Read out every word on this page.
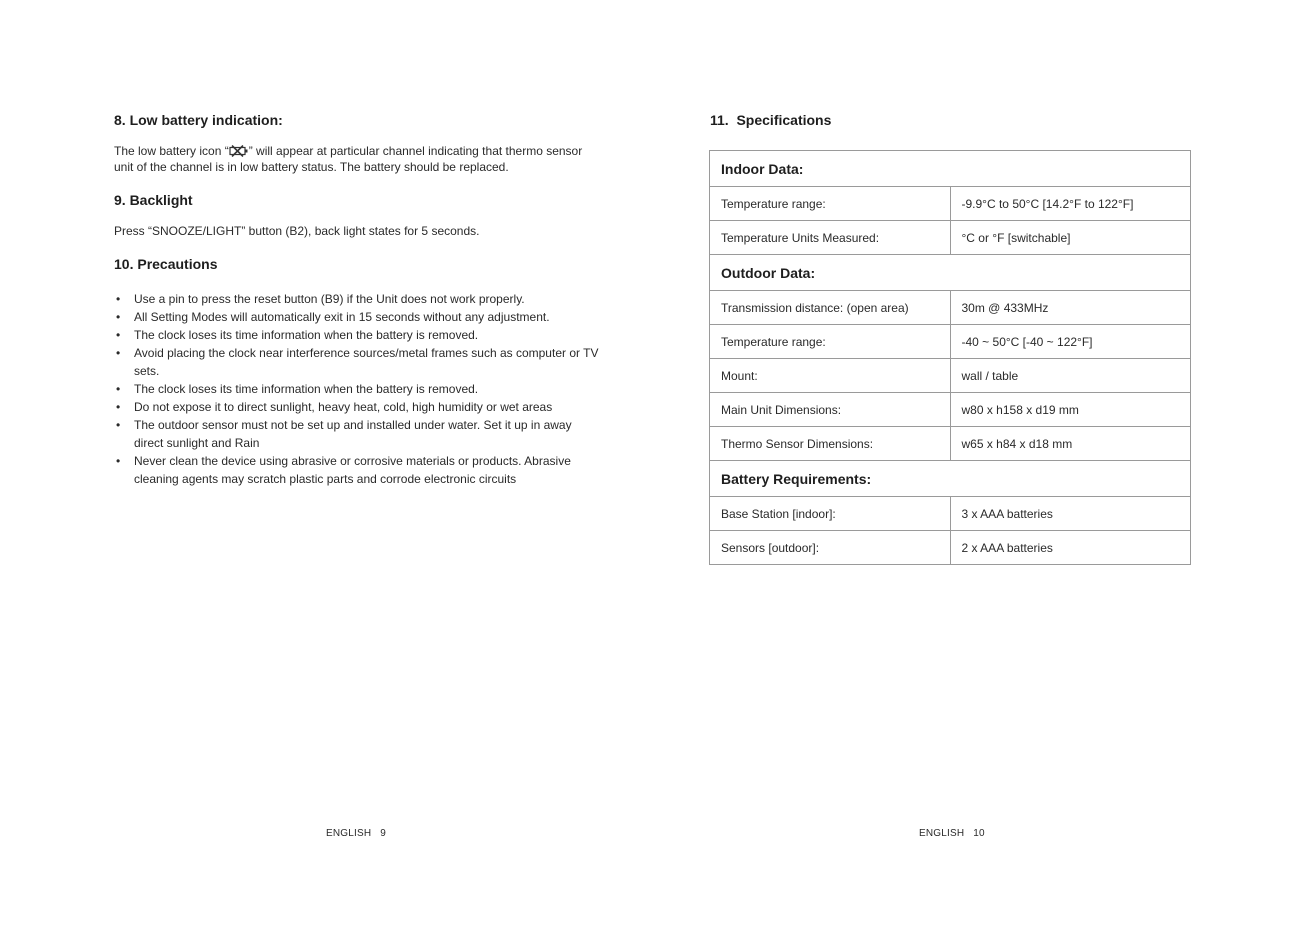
8. Low battery indication:

The low battery icon “ ” will appear at particular channel indicating that thermo sensor unit of the channel is in low battery status. The battery should be replaced.

9. Backlight

Press “SNOOZE/LIGHT” button (B2), back light states for 5 seconds.

10. Precautions
• Use a pin to press the reset button (B9) if the Unit does not work properly.
• All Setting Modes will automatically exit in 15 seconds without any adjustment.
• The clock loses its time information when the battery is removed.
• Avoid placing the clock near interference sources/metal frames such as computer or TV sets.
• The clock loses its time information when the battery is removed.
• Do not expose it to direct sunlight, heavy heat, cold, high humidity or wet areas
• The outdoor sensor must not be set up and installed under water. Set it up in away direct sunlight and Rain
• Never clean the device using abrasive or corrosive materials or products. Abrasive cleaning agents may scratch plastic parts and corrode electronic circuits
ENGLISH   9
11.  Specifications
Indoor Data:	
Temperature range:	-9.9°C to 50°C [14.2°F to 122°F]
Temperature Units Measured:	°C or °F [switchable]
Outdoor Data:	
Transmission distance: (open area)	30m @ 433MHz
Temperature range:	-40 ~ 50°C [-40 ~ 122°F]
Mount:	wall / table
Main Unit Dimensions:	w80 x h158 x d19 mm
Thermo Sensor Dimensions:	w65 x h84 x d18 mm
Battery Requirements:	
Base Station [indoor]:	3 x AAA batteries
Sensors [outdoor]:	2 x AAA batteries
ENGLISH   10
